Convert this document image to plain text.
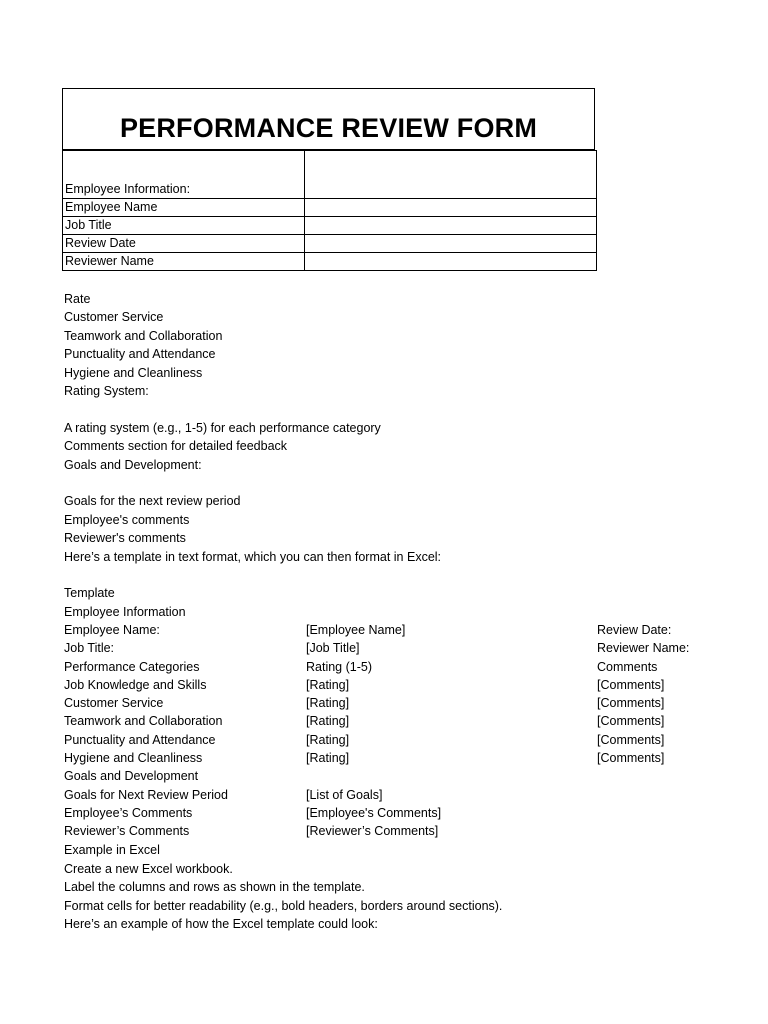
PERFORMANCE REVIEW FORM
Employee Information:	
Employee Name	
Job Title	
Review Date	
Reviewer Name	
Rate
Customer Service
Teamwork and Collaboration
Punctuality and Attendance
Hygiene and Cleanliness
Rating System:
A rating system (e.g., 1-5) for each performance category
Comments section for detailed feedback
Goals and Development:
Goals for the next review period
Employee's comments
Reviewer's comments
Here’s a template in text format, which you can then format in Excel:
Template
Employee Information
Employee Name:	[Employee Name]	Review Date:
Job Title:	[Job Title]	Reviewer Name:
Performance Categories	Rating (1-5)	Comments
Job Knowledge and Skills	[Rating]	[Comments]
Customer Service	[Rating]	[Comments]
Teamwork and Collaboration	[Rating]	[Comments]
Punctuality and Attendance	[Rating]	[Comments]
Hygiene and Cleanliness	[Rating]	[Comments]
Goals and Development
Goals for Next Review Period	[List of Goals]
Employee’s Comments	[Employee's Comments]
Reviewer’s Comments	[Reviewer’s Comments]
Example in Excel
Create a new Excel workbook.
Label the columns and rows as shown in the template.
Format cells for better readability (e.g., bold headers, borders around sections).
Here’s an example of how the Excel template could look:
